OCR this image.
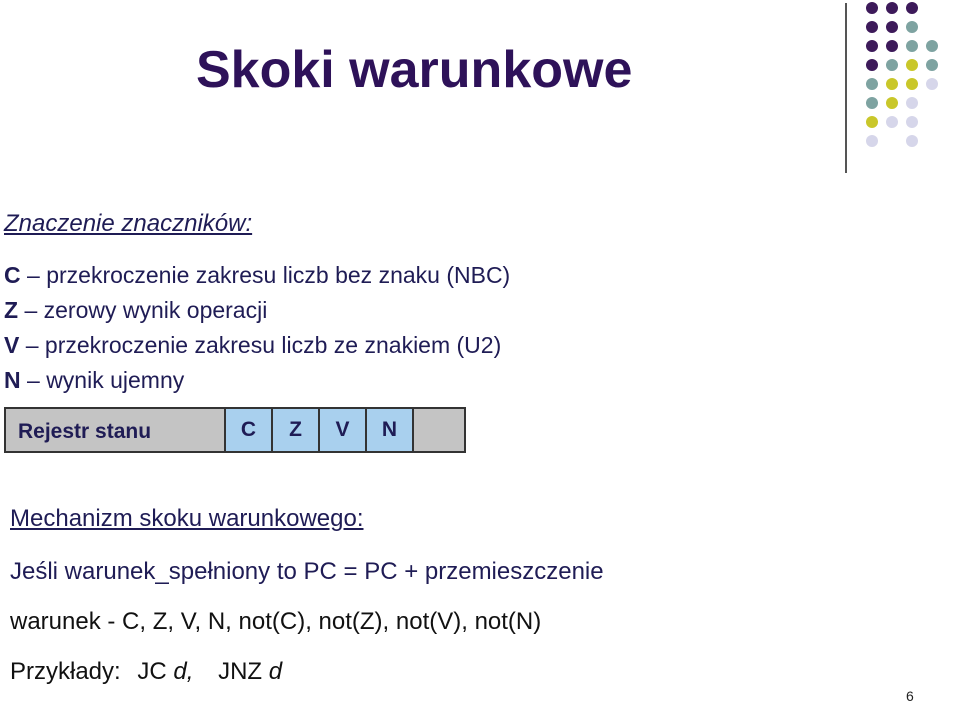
Skoki warunkowe
Znaczenie znaczników:
C – przekroczenie zakresu liczb bez znaku (NBC)
Z – zerowy wynik operacji
V – przekroczenie zakresu liczb ze znakiem (U2)
N – wynik ujemny
Rejestr stanu	C	Z	V	N
Mechanizm skoku warunkowego:
Jeśli warunek_spełniony to PC = PC + przemieszczenie
warunek - C, Z, V, N, not(C), not(Z), not(V), not(N)
Przykłady: JC d, JNZ d
6
